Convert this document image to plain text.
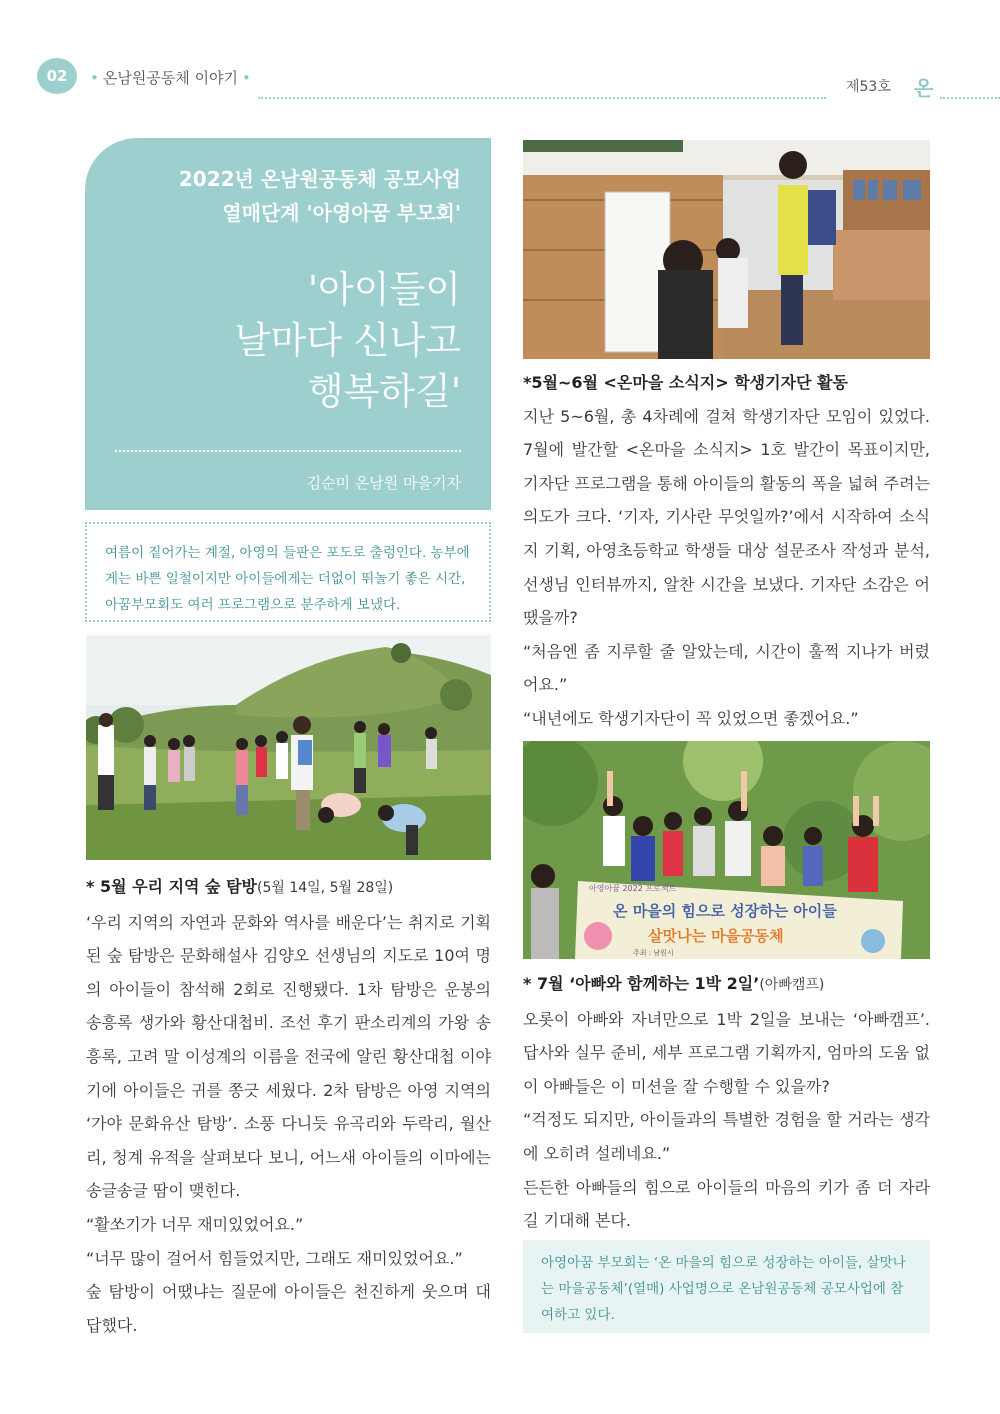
02 • 온남원공동체 이야기 •	제53호 온
2022년 온남원공동체 공모사업
열매단계 '아영아꿈 부모회'
'아이들이
날마다 신나고
행복하길'
김순미 온남원 마을기자
여름이 짙어가는 계절, 아영의 들판은 포도로 출렁인다. 농부에게는 바쁜 일철이지만 아이들에게는 더없이 뛰놀기 좋은 시간, 아꿈부모회도 여러 프로그램으로 분주하게 보냈다.

* 5월 우리 지역 숲 탐방(5월 14일, 5월 28일)

‘우리 지역의 자연과 문화와 역사를 배운다’는 취지로 기획된 숲 탐방은 문화해설사 김양오 선생님의 지도로 10여 명의 아이들이 참석해 2회로 진행됐다. 1차 탐방은 운봉의 송흥록 생가와 황산대첩비. 조선 후기 판소리계의 가왕 송흥록, 고려 말 이성계의 이름을 전국에 알린 황산대첩 이야기에 아이들은 귀를 쫑긋 세웠다. 2차 탐방은 아영 지역의 ‘가야 문화유산 탐방’. 소풍 다니듯 유곡리와 두락리, 월산리, 청계 유적을 살펴보다 보니, 어느새 아이들의 이마에는 송글송글 땀이 맺힌다.

“활쏘기가 너무 재미있었어요.”

“너무 많이 걸어서 힘들었지만, 그래도 재미있었어요.”

숲 탐방이 어땠냐는 질문에 아이들은 천진하게 웃으며 대답했다.

*5월~6월 <온마을 소식지> 학생기자단 활동

지난 5~6월, 총 4차례에 걸쳐 학생기자단 모임이 있었다. 7월에 발간할 <온마을 소식지> 1호 발간이 목표이지만, 기자단 프로그램을 통해 아이들의 활동의 폭을 넓혀 주려는 의도가 크다. ‘기자, 기사란 무엇일까?’에서 시작하여 소식지 기획, 아영초등학교 학생들 대상 설문조사 작성과 분석, 선생님 인터뷰까지, 알찬 시간을 보냈다. 기자단 소감은 어땠을까?

“처음엔 좀 지루할 줄 알았는데, 시간이 훌쩍 지나가 버렸어요.”

“내년에도 학생기자단이 꼭 있었으면 좋겠어요.”

아영아꿈 2022 프로젝트
온 마을의 힘으로 성장하는 아이들
살맛나는 마을공동체
주최 : 남원시

* 7월 ‘아빠와 함께하는 1박 2일’(아빠캠프)

오롯이 아빠와 자녀만으로 1박 2일을 보내는 ‘아빠캠프’. 답사와 실무 준비, 세부 프로그램 기획까지, 엄마의 도움 없이 아빠들은 이 미션을 잘 수행할 수 있을까?

“걱정도 되지만, 아이들과의 특별한 경험을 할 거라는 생각에 오히려 설레네요.”

든든한 아빠들의 힘으로 아이들의 마음의 키가 좀 더 자라길 기대해 본다.

아영아꿈 부모회는 ‘온 마을의 힘으로 성장하는 아이들, 살맛나는 마을공동체’(열매) 사업명으로 온남원공동체 공모사업에 참여하고 있다.
